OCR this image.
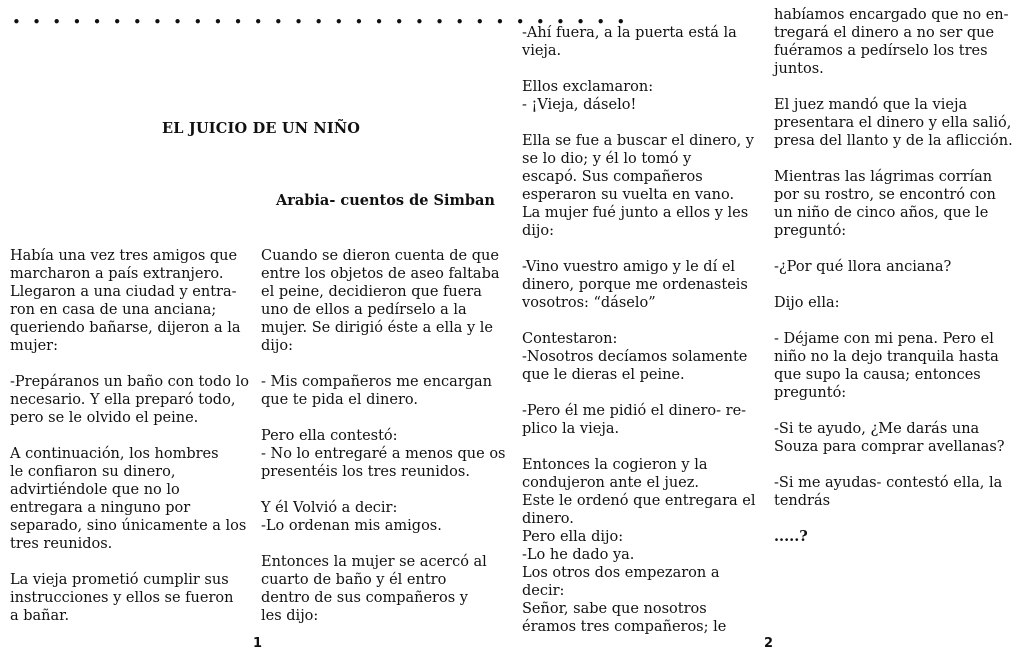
•••••••••••••••••••••••••••••••
EL JUICIO DE UN NIÑO
Arabia- cuentos de Simban

Había una vez tres amigos que
marcharon a país extranjero.
Llegaron a una ciudad y entra-
ron en casa de una anciana;
queriendo bañarse, dijeron a la
mujer:

-Prepáranos un baño con todo lo
necesario. Y ella preparó todo,
pero se le olvido el peine.

A continuación, los hombres
le confiaron su dinero,
advirtiéndole que no lo
entregara a ninguno por
separado, sino únicamente a los
tres reunidos.

La vieja prometió cumplir sus
instrucciones y ellos se fueron
a bañar.

Cuando se dieron cuenta de que
entre los objetos de aseo faltaba
el peine, decidieron que fuera
uno de ellos a pedírselo a la
mujer. Se dirigió éste a ella y le
dijo:

- Mis compañeros me encargan
que te pida el dinero.

Pero ella contestó:
- No lo entregaré a menos que os
presentéis los tres reunidos.

Y él Volvió a decir:
-Lo ordenan mis amigos.

Entonces la mujer se acercó al
cuarto de baño y él entro
dentro de sus compañeros y
les dijo:

-Ahí fuera, a la puerta está la
vieja.

Ellos exclamaron:
- ¡Vieja, dáselo!

Ella se fue a buscar el dinero, y
se lo dio; y él lo tomó y
escapó. Sus compañeros
esperaron su vuelta en vano.
La mujer fué junto a ellos y les
dijo:

-Vino vuestro amigo y le dí el
dinero, porque me ordenasteis
vosotros: “dáselo”

Contestaron:
-Nosotros decíamos solamente
que le dieras el peine.

-Pero él me pidió el dinero- re-
plico la vieja.

Entonces la cogieron y la
condujeron ante el juez.
Este le ordenó que entregara el
dinero.
Pero ella dijo:
-Lo he dado ya.
Los otros dos empezaron a
decir:
Señor, sabe que nosotros
éramos tres compañeros; le

habíamos encargado que no en-
tregará el dinero a no ser que
fuéramos a pedírselo los tres
juntos.

El juez mandó que la vieja
presentara el dinero y ella salió,
presa del llanto y de la aflicción.

Mientras las lágrimas corrían
por su rostro, se encontró con
un niño de cinco años, que le
preguntó:

-¿Por qué llora anciana?

Dijo ella:

- Déjame con mi pena. Pero el
niño no la dejo tranquila hasta
que supo la causa; entonces
preguntó:

-Si te ayudo, ¿Me darás una
Souza para comprar avellanas?

-Si me ayudas- contestó ella, la
tendrás

.....?

1	2
